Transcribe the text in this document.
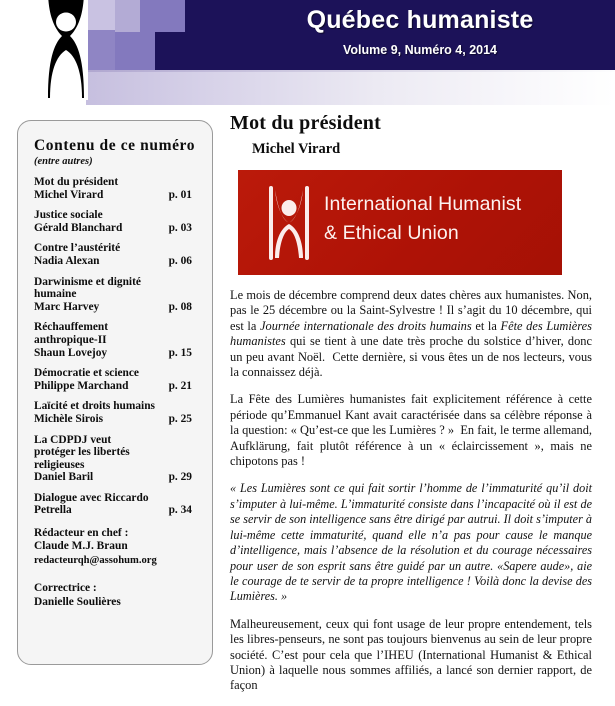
Québec humaniste
Volume 9, Numéro 4, 2014
Contenu de ce numéro
(entre autres)
Mot du président
Michel Virard	p. 01
Justice sociale
Gérald Blanchard	p. 03
Contre l’austérité
Nadia Alexan	p. 06
Darwinisme et dignité
humaine
Marc Harvey	p. 08
Réchauffement
anthropique-II
Shaun Lovejoy	p. 15
Démocratie et science
Philippe Marchand	p. 21
Laïcité et droits humains
Michèle Sirois	p. 25
La CDPDJ veut
protéger les libertés
religieuses
Daniel Baril	p. 29
Dialogue avec Riccardo
Petrella	p. 34
Rédacteur en chef :
Claude M.J. Braun
redacteurqh@assohum.org
Correctrice :
Danielle Soulières
Mot du président
Michel Virard
International Humanist
& Ethical Union

Le mois de décembre comprend deux dates chères aux humanistes. Non, pas le 25 décembre ou la Saint-Sylvestre ! Il s’agit du 10 décembre, qui est la Journée internationale des droits humains et la Fête des Lumières humanistes qui se tient à une date très proche du solstice d’hiver, donc un peu avant Noël.  Cette dernière, si vous êtes un de nos lecteurs, vous la connaissez déjà.

La Fête des Lumières humanistes fait explicitement référence à cette période qu’Emmanuel Kant avait caractérisée dans sa célèbre réponse à la question: « Qu’est-ce que les Lumières ? »  En fait, le terme allemand, Aufklärung, fait plutôt référence à un « éclaircissement », mais ne chipotons pas !

« Les Lumières sont ce qui fait sortir l’homme de l’immaturité qu’il doit s’imputer à lui-même. L’immaturité consiste dans l’incapacité où il est de se servir de son intelligence sans être dirigé par autrui. Il doit s’imputer à lui-même cette immaturité, quand elle n’a pas pour cause le manque d’intelligence, mais l’absence de la résolution et du courage nécessaires pour user de son esprit sans être guidé par un autre. «Sapere aude», aie le courage de te servir de ta propre intelligence ! Voilà donc la devise des Lumières. »

Malheureusement, ceux qui font usage de leur propre entendement, tels les libres-penseurs, ne sont pas toujours bienvenus au sein de leur propre société. C’est pour cela que l’IHEU (International Humanist & Ethical Union) à laquelle nous sommes affiliés, a lancé son dernier rapport, de façon
